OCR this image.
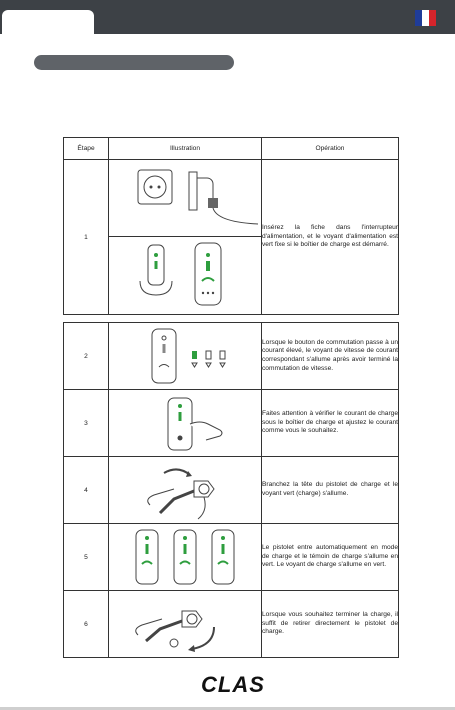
Étape	Illustration	Opération
1		Insérez la fiche dans l'interrupteur d'alimentation, et le voyant d'alimentation est vert fixe si le boîtier de charge est démarré.
2		Lorsque le bouton de commutation passe à un courant élevé, le voyant de vitesse de courant correspondant s'allume après avoir terminé la commutation de vitesse.
3		Faites attention à vérifier le courant de charge sous le boîtier de charge et ajustez le courant comme vous le souhaitez.
4		Branchez la tête du pistolet de charge et le voyant vert (charge) s'allume.
5		Le pistolet entre automatiquement en mode de charge et le témoin de charge s'allume en vert. Le voyant de charge s'allume en vert.
6		Lorsque vous souhaitez terminer la charge, il suffit de retirer directement le pistolet de charge.
CLAS
